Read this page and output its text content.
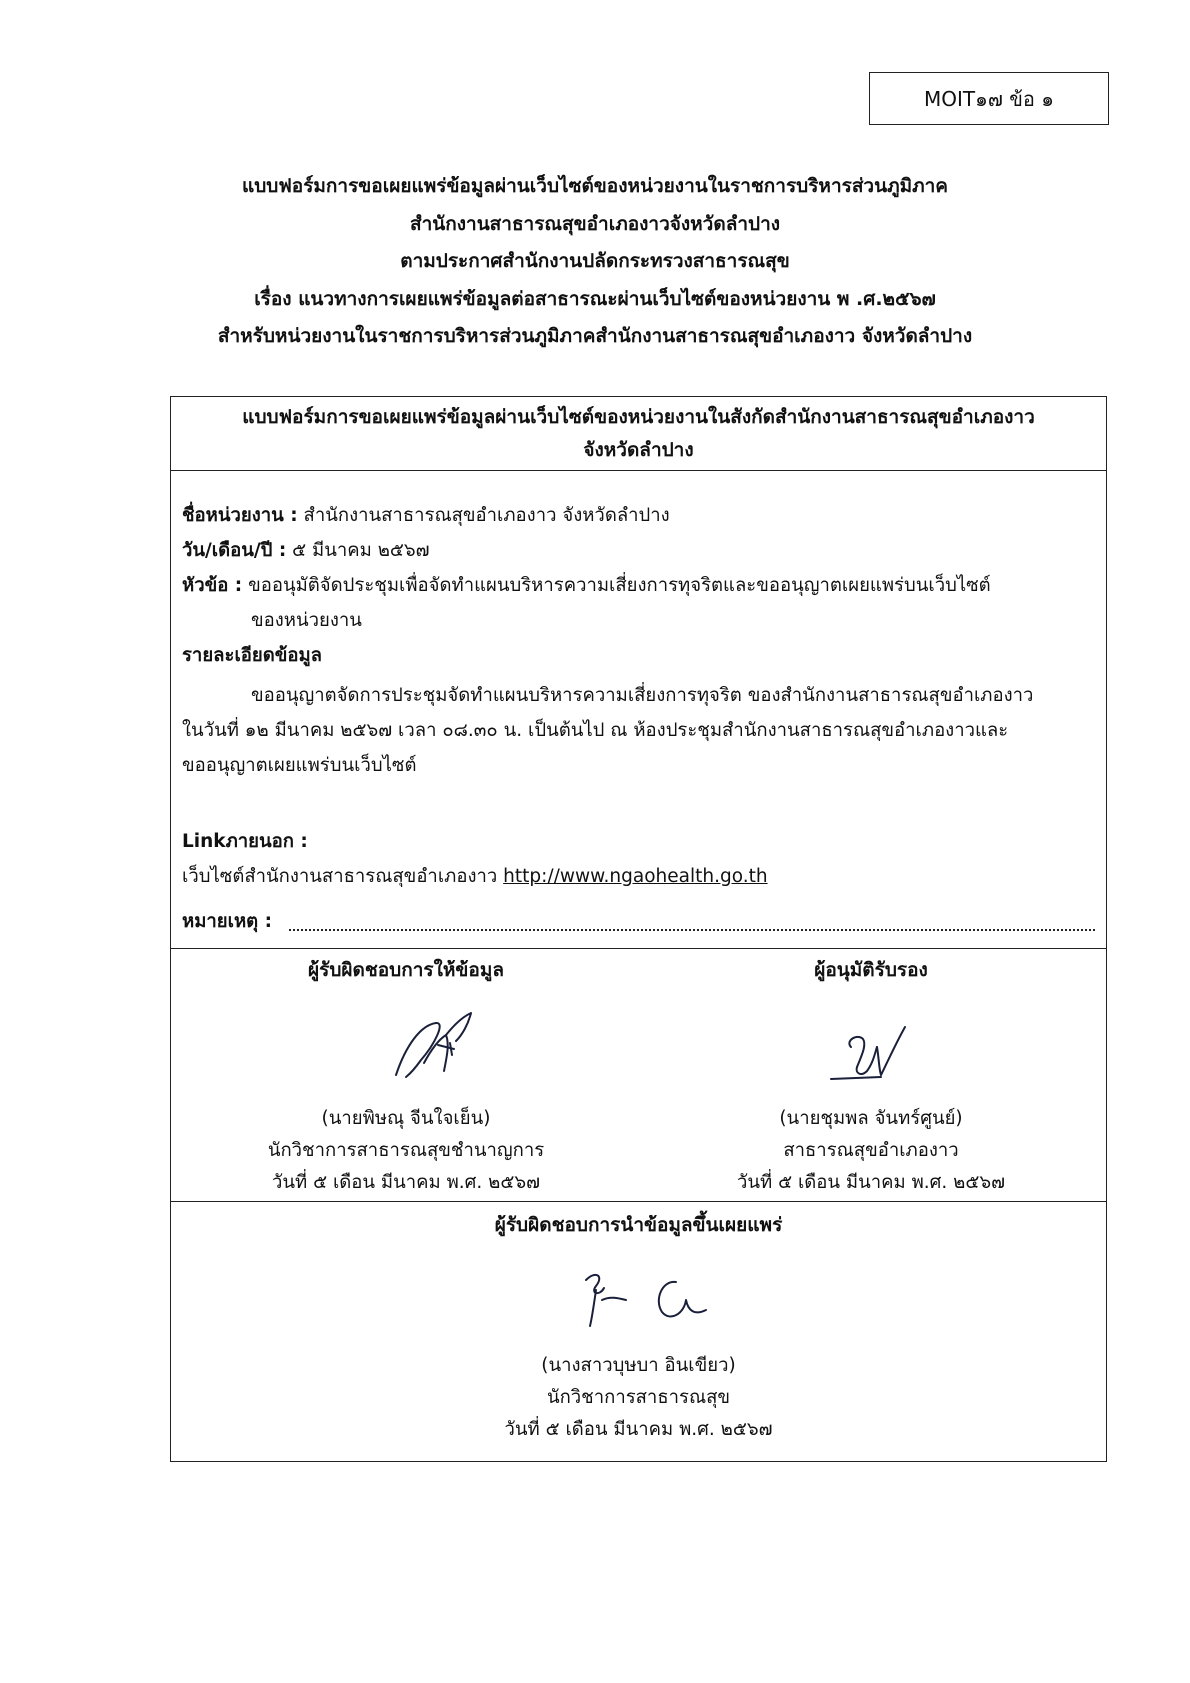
MOIT๑๗ ข้อ ๑
แบบฟอร์มการขอเผยแพร่ข้อมูลผ่านเว็บไซต์ของหน่วยงานในราชการบริหารส่วนภูมิภาค
สำนักงานสาธารณสุขอำเภองาวจังหวัดลำปาง
ตามประกาศสำนักงานปลัดกระทรวงสาธารณสุข
เรื่อง แนวทางการเผยแพร่ข้อมูลต่อสาธารณะผ่านเว็บไซต์ของหน่วยงาน พ .ศ.๒๕๖๗
สำหรับหน่วยงานในราชการบริหารส่วนภูมิภาคสำนักงานสาธารณสุขอำเภองาว จังหวัดลำปาง
แบบฟอร์มการขอเผยแพร่ข้อมูลผ่านเว็บไซต์ของหน่วยงานในสังกัดสำนักงานสาธารณสุขอำเภองาว
จังหวัดลำปาง
ชื่อหน่วยงาน : สำนักงานสาธารณสุขอำเภองาว จังหวัดลำปาง
วัน/เดือน/ปี : ๕ มีนาคม ๒๕๖๗
หัวข้อ : ขออนุมัติจัดประชุมเพื่อจัดทำแผนบริหารความเสี่ยงการทุจริตและขออนุญาตเผยแพร่บนเว็บไซต์
ของหน่วยงาน
รายละเอียดข้อมูล
ขออนุญาตจัดการประชุมจัดทำแผนบริหารความเสี่ยงการทุจริต ของสำนักงานสาธารณสุขอำเภองาว
ในวันที่ ๑๒ มีนาคม ๒๕๖๗ เวลา ๐๘.๓๐ น. เป็นต้นไป ณ ห้องประชุมสำนักงานสาธารณสุขอำเภองาวและ
ขออนุญาตเผยแพร่บนเว็บไซต์
Linkภายนอก :
เว็บไซต์สำนักงานสาธารณสุขอำเภองาว http://www.ngaohealth.go.th
หมายเหตุ :
ผู้รับผิดชอบการให้ข้อมูล
(นายพิษณุ จีนใจเย็น)
นักวิชาการสาธารณสุขชำนาญการ
วันที่ ๕ เดือน มีนาคม พ.ศ. ๒๕๖๗
ผู้อนุมัติรับรอง
(นายชุมพล จันทร์ศูนย์)
สาธารณสุขอำเภองาว
วันที่ ๕ เดือน มีนาคม พ.ศ. ๒๕๖๗
ผู้รับผิดชอบการนำข้อมูลขึ้นเผยแพร่
(นางสาวบุษบา อินเขียว)
นักวิชาการสาธารณสุข
วันที่ ๕ เดือน มีนาคม พ.ศ. ๒๕๖๗
